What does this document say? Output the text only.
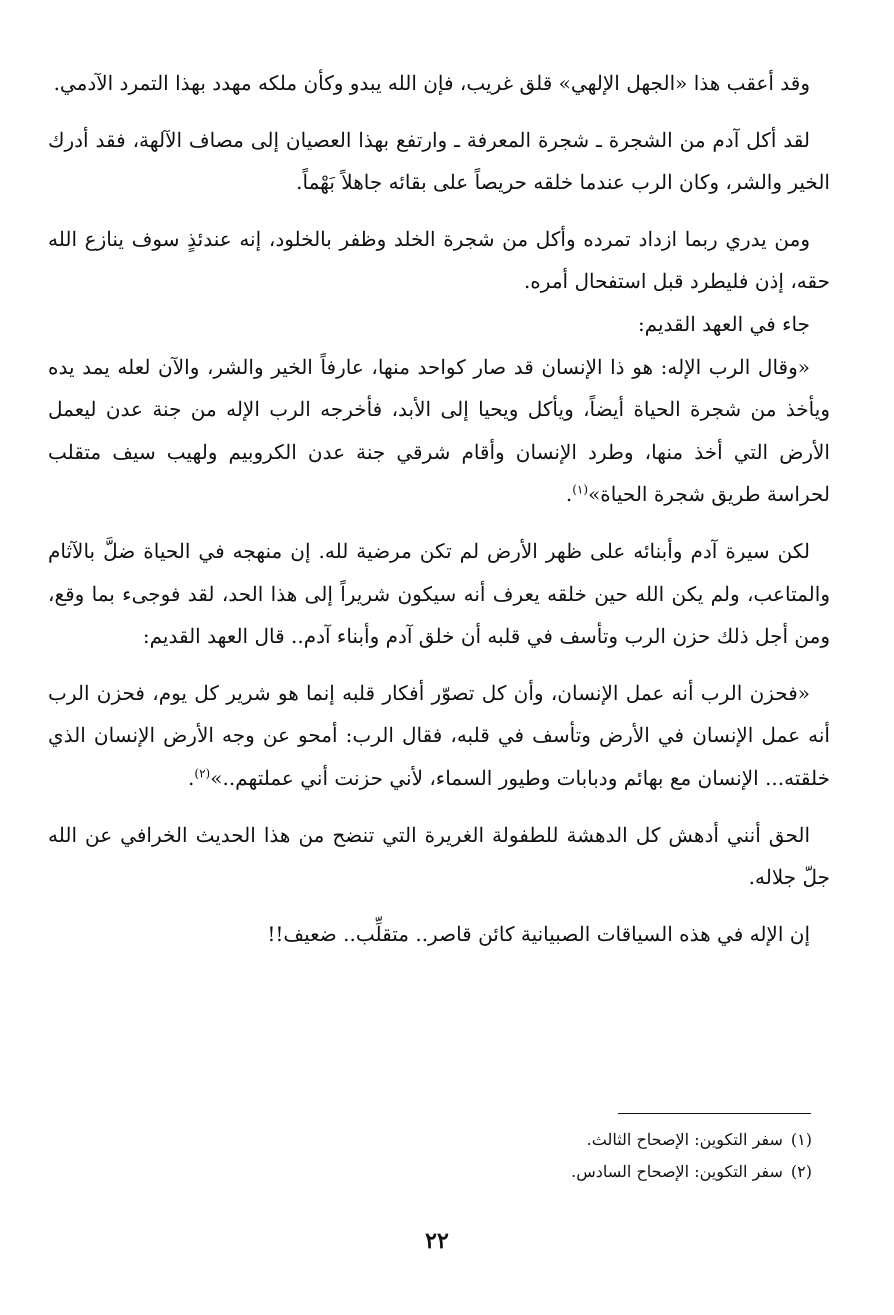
وقد أعقب هذا «الجهل الإلهي» قلق غريب، فإن الله يبدو وكأن ملكه مهدد بهذا التمرد الآدمي.

لقد أكل آدم من الشجرة ـ شجرة المعرفة ـ وارتفع بهذا العصيان إلى مصاف الآلهة، فقد أدرك الخير والشر، وكان الرب عندما خلقه حريصاً على بقائه جاهلاً بَهْماً.

ومن يدري ربما ازداد تمرده وأكل من شجرة الخلد وظفر بالخلود، إنه عندئذٍ سوف ينازع الله حقه، إذن فليطرد قبل استفحال أمره.

جاء في العهد القديم:

«وقال الرب الإله: هو ذا الإنسان قد صار كواحد منها، عارفاً الخير والشر، والآن لعله يمد يده ويأخذ من شجرة الحياة أيضاً، ويأكل ويحيا إلى الأبد، فأخرجه الرب الإله من جنة عدن ليعمل الأرض التي أخذ منها، وطرد الإنسان وأقام شرقي جنة عدن الكروبيم ولهيب سيف متقلب لحراسة طريق شجرة الحياة»$^{(١)}$.

لكن سيرة آدم وأبنائه على ظهر الأرض لم تكن مرضية لله. إن منهجه في الحياة ضلَّ بالآثام والمتاعب، ولم يكن الله حين خلقه يعرف أنه سيكون شريراً إلى هذا الحد، لقد فوجىء بما وقع، ومن أجل ذلك حزن الرب وتأسف في قلبه أن خلق آدم وأبناء آدم.. قال العهد القديم:

«فحزن الرب أنه عمل الإنسان، وأن كل تصوّر أفكار قلبه إنما هو شرير كل يوم، فحزن الرب أنه عمل الإنسان في الأرض وتأسف في قلبه، فقال الرب: أمحو عن وجه الأرض الإنسان الذي خلقته... الإنسان مع بهائم ودبابات وطيور السماء، لأني حزنت أني عملتهم..»$^{(٢)}$.

الحق أنني أدهش كل الدهشة للطفولة الغريرة التي تنضح من هذا الحديث الخرافي عن الله جلّ جلاله.

إن الإله في هذه السياقات الصبيانية كائن قاصر.. متقلِّب.. ضعيف!!

(١)سفر التكوين: الإصحاح الثالث.
(٢)سفر التكوين: الإصحاح السادس.
٢٢
